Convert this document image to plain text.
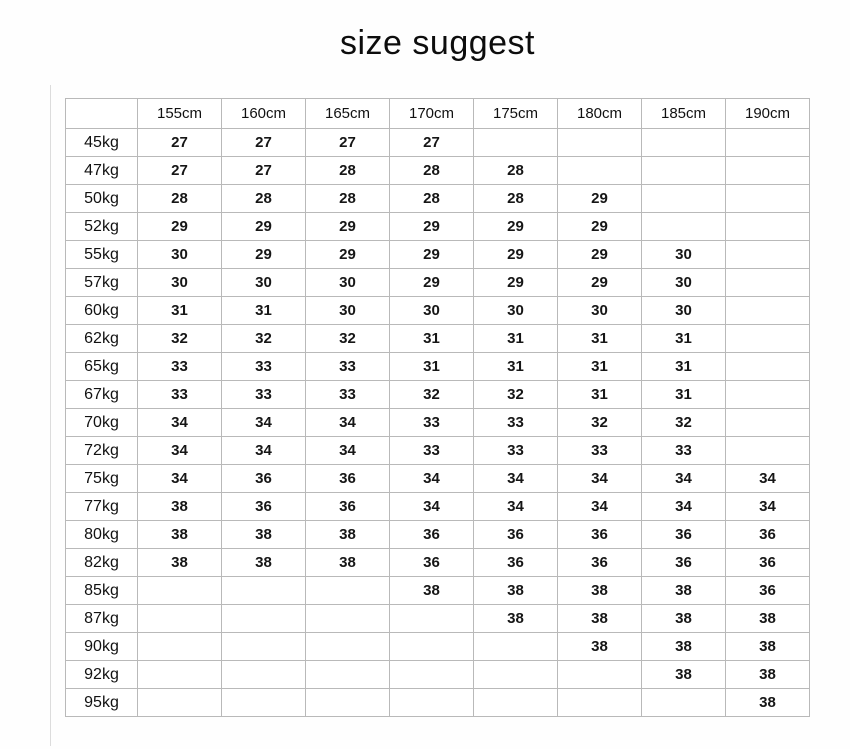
size suggest
	155cm	160cm	165cm	170cm	175cm	180cm	185cm	190cm
45kg	27	27	27	27				
47kg	27	27	28	28	28			
50kg	28	28	28	28	28	29		
52kg	29	29	29	29	29	29		
55kg	30	29	29	29	29	29	30	
57kg	30	30	30	29	29	29	30	
60kg	31	31	30	30	30	30	30	
62kg	32	32	32	31	31	31	31	
65kg	33	33	33	31	31	31	31	
67kg	33	33	33	32	32	31	31	
70kg	34	34	34	33	33	32	32	
72kg	34	34	34	33	33	33	33	
75kg	34	36	36	34	34	34	34	34
77kg	38	36	36	34	34	34	34	34
80kg	38	38	38	36	36	36	36	36
82kg	38	38	38	36	36	36	36	36
85kg				38	38	38	38	36
87kg					38	38	38	38
90kg						38	38	38
92kg							38	38
95kg								38
